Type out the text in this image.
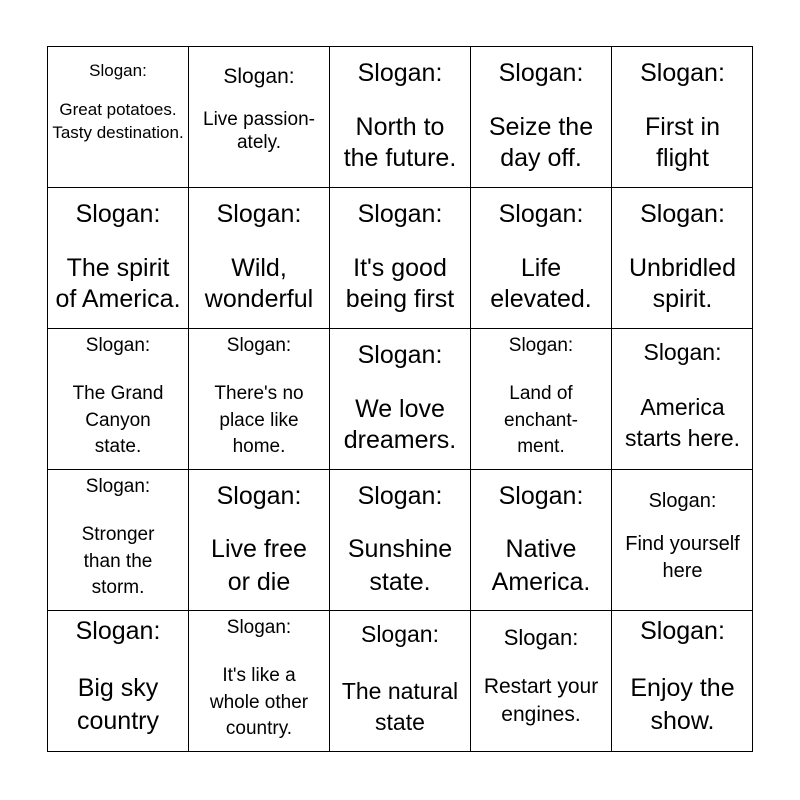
Slogan:
Great potatoes. Tasty destination.
Slogan:
Live passion-
ately.
Slogan:
North to
the future.
Slogan:
Seize the
day off.
Slogan:
First in
flight
Slogan:
The spirit
of America.
Slogan:
Wild,
wonderful
Slogan:
It's good
being first
Slogan:
Life
elevated.
Slogan:
Unbridled
spirit.
Slogan:
The Grand
Canyon
state.
Slogan:
There's no
place like
home.
Slogan:
We love
dreamers.
Slogan:
Land of
enchant-
ment.
Slogan:
America
starts here.
Slogan:
Stronger
than the
storm.
Slogan:
Live free
or die
Slogan:
Sunshine
state.
Slogan:
Native
America.
Slogan:
Find yourself
here
Slogan:
Big sky
country
Slogan:
It's like a
whole other
country.
Slogan:
The natural
state
Slogan:
Restart your
engines.
Slogan:
Enjoy the
show.
